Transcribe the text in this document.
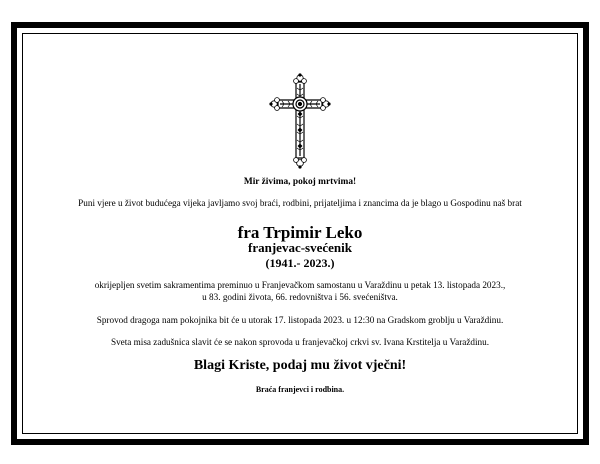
Mir živima, pokoj mrtvima!
Puni vjere u život budućega vijeka javljamo svoj braći, rodbini, prijateljima i znancima da je blago u Gospodinu naš brat
fra Trpimir Leko
franjevac-svećenik
(1941.- 2023.)
okrijepljen svetim sakramentima preminuo u Franjevačkom samostanu u Varaždinu u petak 13. listopada 2023.,
u 83. godini života, 66. redovništva i 56. svećeništva.
Sprovod dragoga nam pokojnika bit će u utorak 17. listopada 2023. u 12:30 na Gradskom groblju u Varaždinu.
Sveta misa zadušnica slavit će se nakon sprovoda u franjevačkoj crkvi sv. Ivana Krstitelja u Varaždinu.
Blagi Kriste, podaj mu život vječni!
Braća franjevci i rodbina.
